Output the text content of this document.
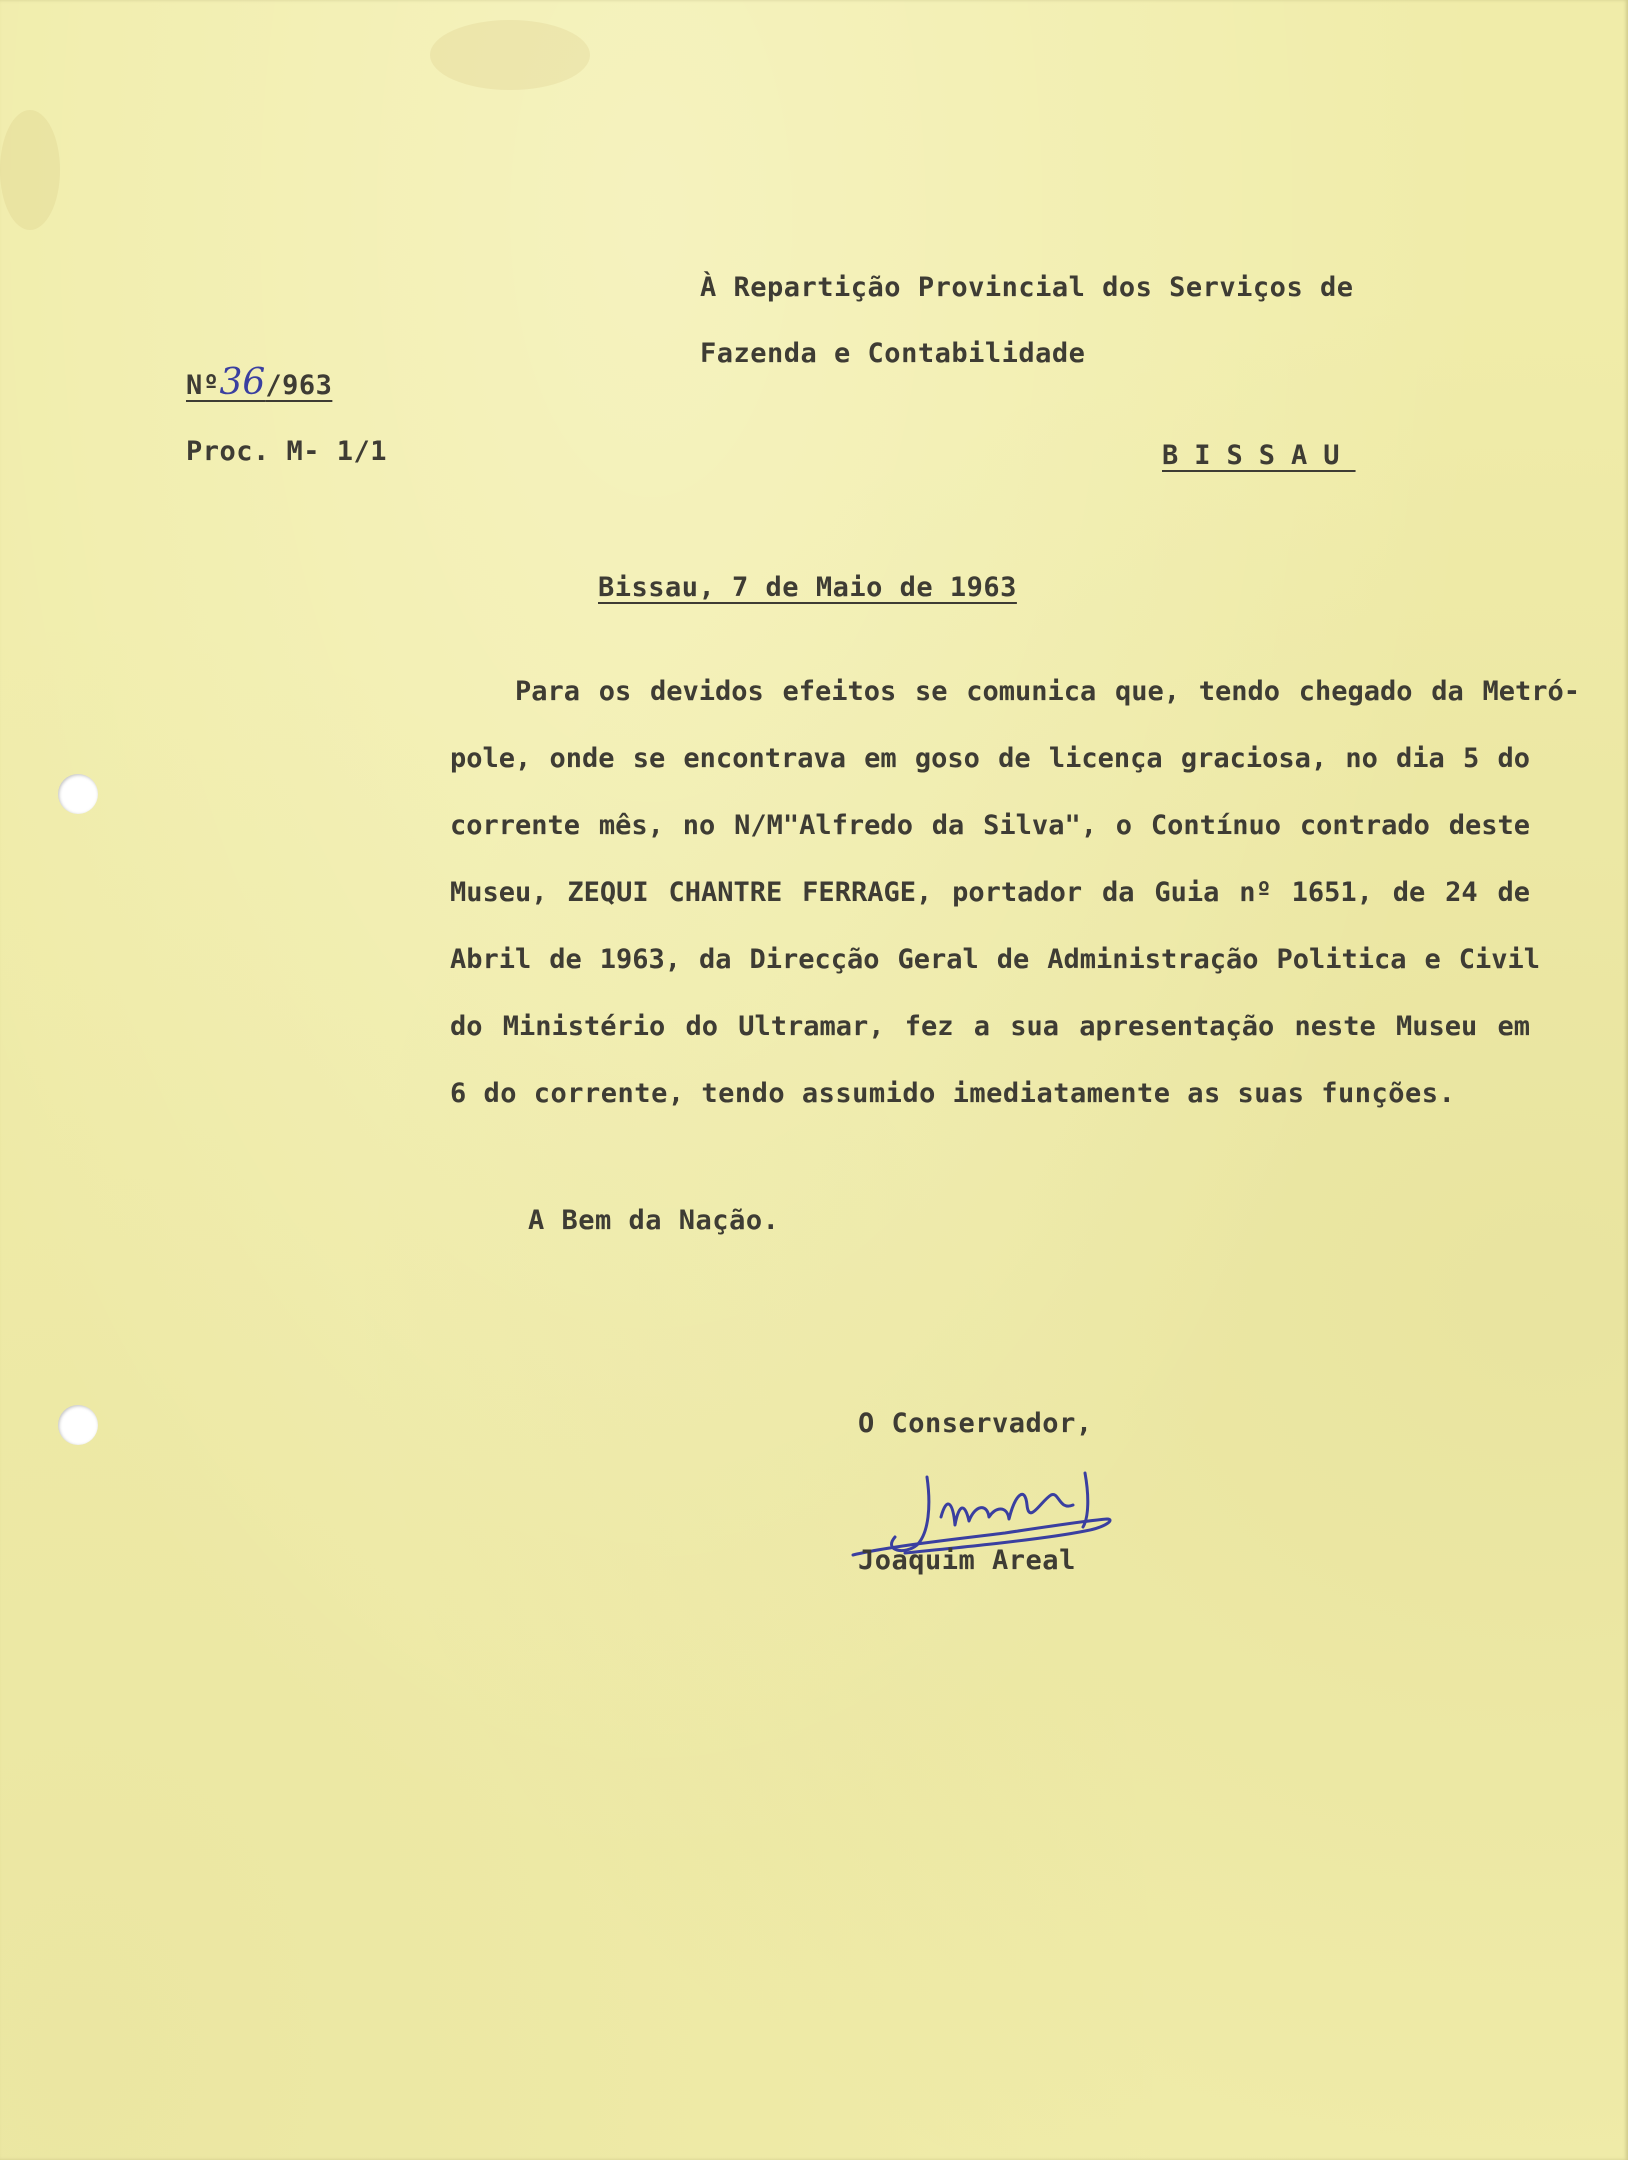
À Repartição Provincial dos Serviços de
Fazenda e Contabilidade
Nº36/963
Proc. M- 1/1	BISSAU
Bissau, 7 de Maio de 1963
Para os devidos efeitos se comunica que, tendo chegado da Metró-
pole, onde se encontrava em goso de licença graciosa, no dia 5 do
corrente mês, no N/M"Alfredo da Silva", o Contínuo contrado deste
Museu, ZEQUI CHANTRE FERRAGE, portador da Guia nº 1651, de 24 de
Abril de 1963, da Direcção Geral de Administração Politica e Civil
do Ministério do Ultramar, fez a sua apresentação neste Museu em
6 do corrente, tendo assumido imediatamente as suas funções.
A Bem da Nação.
O Conservador,
Joaquim Areal
